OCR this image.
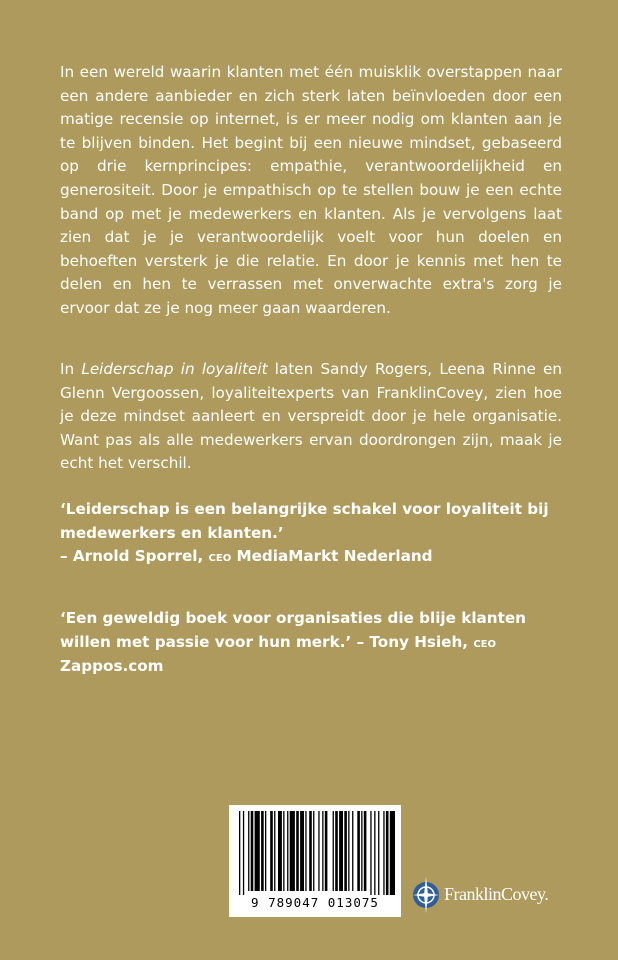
In een wereld waarin klanten met één muisklik overstappen naar een andere aanbieder en zich sterk laten beïnvloeden door een matige recensie op internet, is er meer nodig om klanten aan je te blijven binden. Het begint bij een nieuwe mindset, gebaseerd op drie kernprincipes: empathie, verantwoordelijkheid en generositeit. Door je empathisch op te stellen bouw je een echte band op met je medewerkers en klanten. Als je vervolgens laat zien dat je je verantwoordelijk voelt voor hun doelen en behoeften versterk je die relatie. En door je kennis met hen te delen en hen te verrassen met onverwachte extra's zorg je ervoor dat ze je nog meer gaan waarderen.
In Leiderschap in loyaliteit laten Sandy Rogers, Leena Rinne en Glenn Vergoossen, loyaliteitexperts van FranklinCovey, zien hoe je deze mindset aanleert en verspreidt door je hele organisatie. Want pas als alle medewerkers ervan doordrongen zijn, maak je echt het verschil.
‘Leiderschap is een belangrijke schakel voor loyaliteit bij medewerkers en klanten.’
– Arnold Sporrel, ceo MediaMarkt Nederland
‘Een geweldig boek voor organisaties die blije klanten willen met passie voor hun merk.’ – Tony Hsieh, ceo Zappos.com
9 789047 013075	FranklinCovey.
